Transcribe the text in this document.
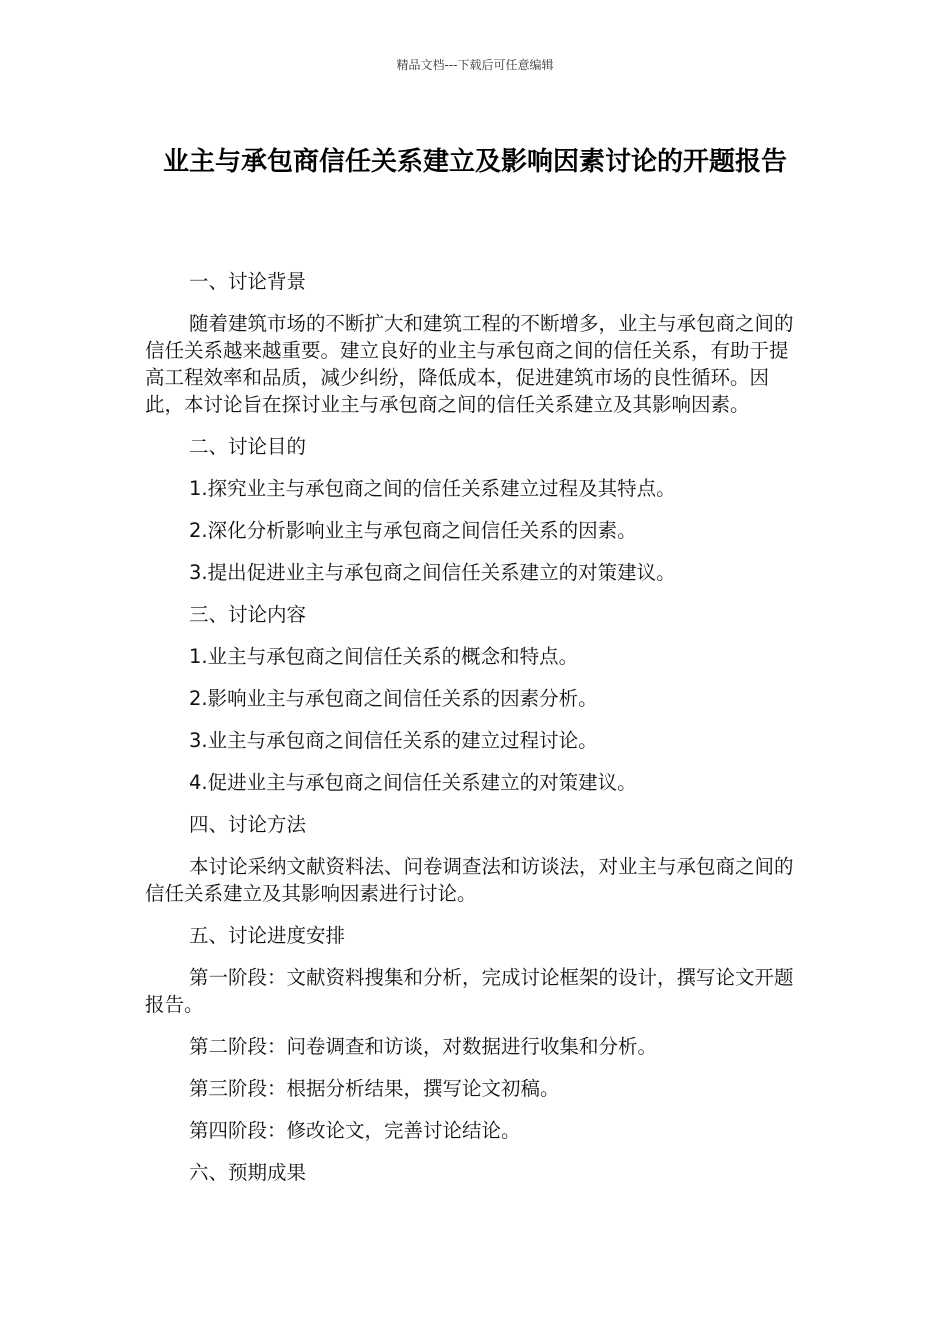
精品文档---下载后可任意编辑
业主与承包商信任关系建立及影响因素讨论的开题报告

一、讨论背景

随着建筑市场的不断扩大和建筑工程的不断增多，业主与承包商之间的信任关系越来越重要。建立良好的业主与承包商之间的信任关系，有助于提高工程效率和品质，减少纠纷，降低成本，促进建筑市场的良性循环。因此，本讨论旨在探讨业主与承包商之间的信任关系建立及其影响因素。

二、讨论目的

1.探究业主与承包商之间的信任关系建立过程及其特点。

2.深化分析影响业主与承包商之间信任关系的因素。

3.提出促进业主与承包商之间信任关系建立的对策建议。

三、讨论内容

1.业主与承包商之间信任关系的概念和特点。

2.影响业主与承包商之间信任关系的因素分析。

3.业主与承包商之间信任关系的建立过程讨论。

4.促进业主与承包商之间信任关系建立的对策建议。

四、讨论方法

本讨论采纳文献资料法、问卷调查法和访谈法，对业主与承包商之间的信任关系建立及其影响因素进行讨论。

五、讨论进度安排

第一阶段：文献资料搜集和分析，完成讨论框架的设计，撰写论文开题报告。

第二阶段：问卷调查和访谈，对数据进行收集和分析。

第三阶段：根据分析结果，撰写论文初稿。

第四阶段：修改论文，完善讨论结论。

六、预期成果
